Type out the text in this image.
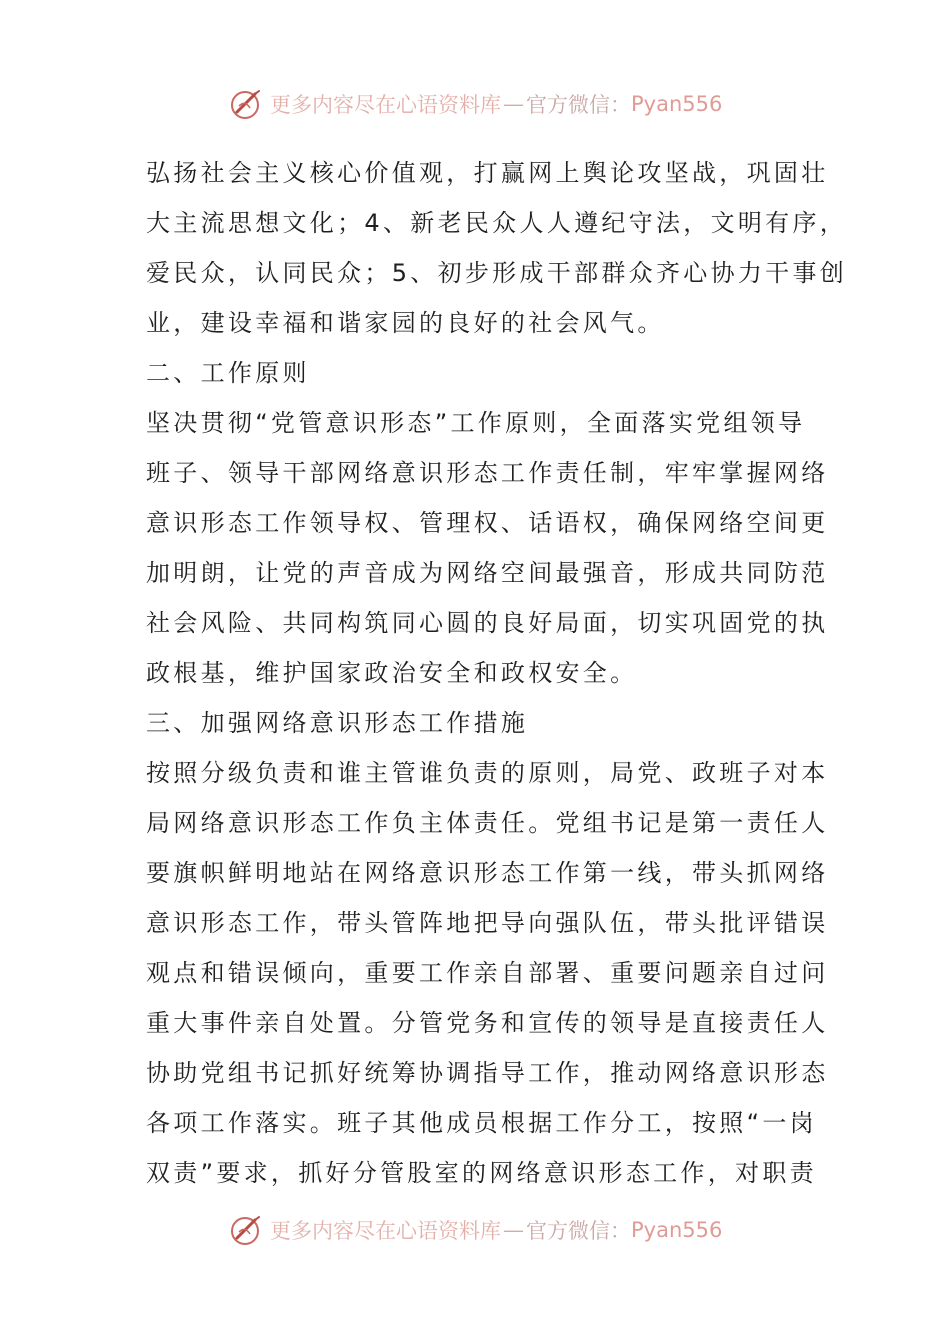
更多内容尽在心语资料库 — 官方微信： Pyan556
弘扬社会主义核心价值观，打赢网上舆论攻坚战，巩固壮
大主流思想文化；4、新老民众人人遵纪守法，文明有序，
爱民众，认同民众；5、初步形成干部群众齐心协力干事创
业，建设幸福和谐家园的良好的社会风气。
二、工作原则
坚决贯彻“党管意识形态”工作原则，全面落实党组领导
班子、领导干部网络意识形态工作责任制，牢牢掌握网络
意识形态工作领导权、管理权、话语权，确保网络空间更
加明朗，让党的声音成为网络空间最强音，形成共同防范
社会风险、共同构筑同心圆的良好局面，切实巩固党的执
政根基，维护国家政治安全和政权安全。
三、加强网络意识形态工作措施
按照分级负责和谁主管谁负责的原则，局党、政班子对本
局网络意识形态工作负主体责任。党组书记是第一责任人
要旗帜鲜明地站在网络意识形态工作第一线，带头抓网络
意识形态工作，带头管阵地把导向强队伍，带头批评错误
观点和错误倾向，重要工作亲自部署、重要问题亲自过问
重大事件亲自处置。分管党务和宣传的领导是直接责任人
协助党组书记抓好统筹协调指导工作，推动网络意识形态
各项工作落实。班子其他成员根据工作分工，按照“一岗
双责”要求，抓好分管股室的网络意识形态工作，对职责
更多内容尽在心语资料库 — 官方微信： Pyan556
